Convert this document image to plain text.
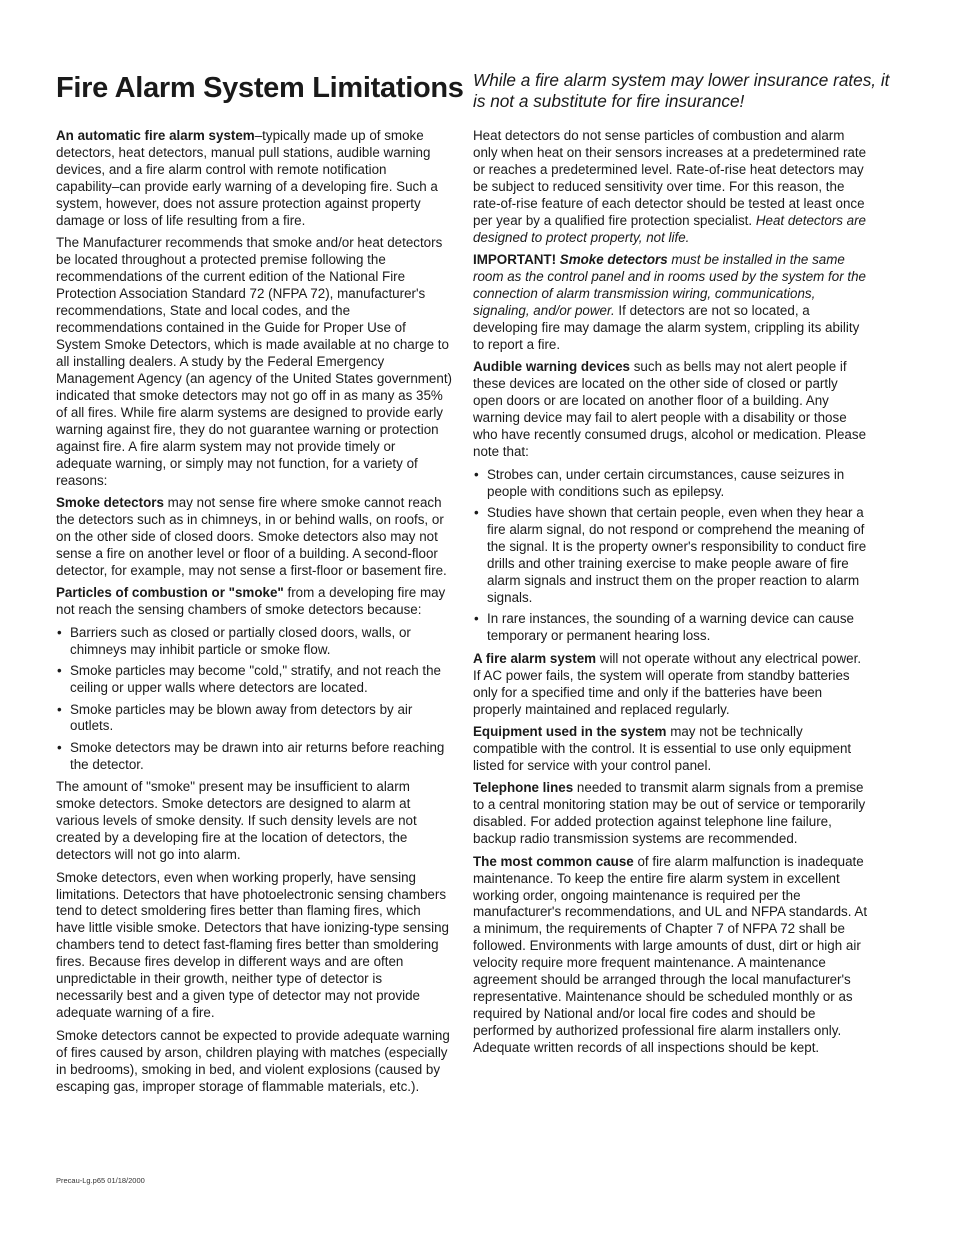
Fire Alarm System Limitations While a fire alarm system may lower insurance rates, it is not a substitute for fire insurance!

An automatic fire alarm system–typically made up of smoke detectors, heat detectors, manual pull stations, audible warning devices, and a fire alarm control with remote notification capability–can provide early warning of a developing fire. Such a system, however, does not assure protection against property damage or loss of life resulting from a fire.

The Manufacturer recommends that smoke and/or heat detectors be located throughout a protected premise following the recommendations of the current edition of the National Fire Protection Association Standard 72 (NFPA 72), manufacturer's recommendations, State and local codes, and the recommendations contained in the Guide for Proper Use of System Smoke Detectors, which is made available at no charge to all installing dealers. A study by the Federal Emergency Management Agency (an agency of the United States government) indicated that smoke detectors may not go off in as many as 35% of all fires. While fire alarm systems are designed to provide early warning against fire, they do not guarantee warning or protection against fire. A fire alarm system may not provide timely or adequate warning, or simply may not function, for a variety of reasons:

Smoke detectors may not sense fire where smoke cannot reach the detectors such as in chimneys, in or behind walls, on roofs, or on the other side of closed doors. Smoke detectors also may not sense a fire on another level or floor of a building. A second-floor detector, for example, may not sense a first-floor or basement fire.

Particles of combustion or "smoke" from a developing fire may not reach the sensing chambers of smoke detectors because:

• Barriers such as closed or partially closed doors, walls, or chimneys may inhibit particle or smoke flow.
• Smoke particles may become "cold," stratify, and not reach the ceiling or upper walls where detectors are located.
• Smoke particles may be blown away from detectors by air outlets.
• Smoke detectors may be drawn into air returns before reaching the detector.

The amount of "smoke" present may be insufficient to alarm smoke detectors. Smoke detectors are designed to alarm at various levels of smoke density. If such density levels are not created by a developing fire at the location of detectors, the detectors will not go into alarm.

Smoke detectors, even when working properly, have sensing limitations. Detectors that have photoelectronic sensing chambers tend to detect smoldering fires better than flaming fires, which have little visible smoke. Detectors that have ionizing-type sensing chambers tend to detect fast-flaming fires better than smoldering fires. Because fires develop in different ways and are often unpredictable in their growth, neither type of detector is necessarily best and a given type of detector may not provide adequate warning of a fire.

Smoke detectors cannot be expected to provide adequate warning of fires caused by arson, children playing with matches (especially in bedrooms), smoking in bed, and violent explosions (caused by escaping gas, improper storage of flammable materials, etc.).

Heat detectors do not sense particles of combustion and alarm only when heat on their sensors increases at a predetermined rate or reaches a predetermined level. Rate-of-rise heat detectors may be subject to reduced sensitivity over time. For this reason, the rate-of-rise feature of each detector should be tested at least once per year by a qualified fire protection specialist. Heat detectors are designed to protect property, not life.

IMPORTANT! Smoke detectors must be installed in the same room as the control panel and in rooms used by the system for the connection of alarm transmission wiring, communications, signaling, and/or power. If detectors are not so located, a developing fire may damage the alarm system, crippling its ability to report a fire.

Audible warning devices such as bells may not alert people if these devices are located on the other side of closed or partly open doors or are located on another floor of a building. Any warning device may fail to alert people with a disability or those who have recently consumed drugs, alcohol or medication. Please note that:

• Strobes can, under certain circumstances, cause seizures in people with conditions such as epilepsy.
• Studies have shown that certain people, even when they hear a fire alarm signal, do not respond or comprehend the meaning of the signal. It is the property owner's responsibility to conduct fire drills and other training exercise to make people aware of fire alarm signals and instruct them on the proper reaction to alarm signals.
• In rare instances, the sounding of a warning device can cause temporary or permanent hearing loss.

A fire alarm system will not operate without any electrical power. If AC power fails, the system will operate from standby batteries only for a specified time and only if the batteries have been properly maintained and replaced regularly.

Equipment used in the system may not be technically compatible with the control. It is essential to use only equipment listed for service with your control panel.

Telephone lines needed to transmit alarm signals from a premise to a central monitoring station may be out of service or temporarily disabled. For added protection against telephone line failure, backup radio transmission systems are recommended.

The most common cause of fire alarm malfunction is inadequate maintenance. To keep the entire fire alarm system in excellent working order, ongoing maintenance is required per the manufacturer's recommendations, and UL and NFPA standards. At a minimum, the requirements of Chapter 7 of NFPA 72 shall be followed. Environments with large amounts of dust, dirt or high air velocity require more frequent maintenance. A maintenance agreement should be arranged through the local manufacturer's representative. Maintenance should be scheduled monthly or as required by National and/or local fire codes and should be performed by authorized professional fire alarm installers only. Adequate written records of all inspections should be kept.

Precau-Lg.p65 01/18/2000
